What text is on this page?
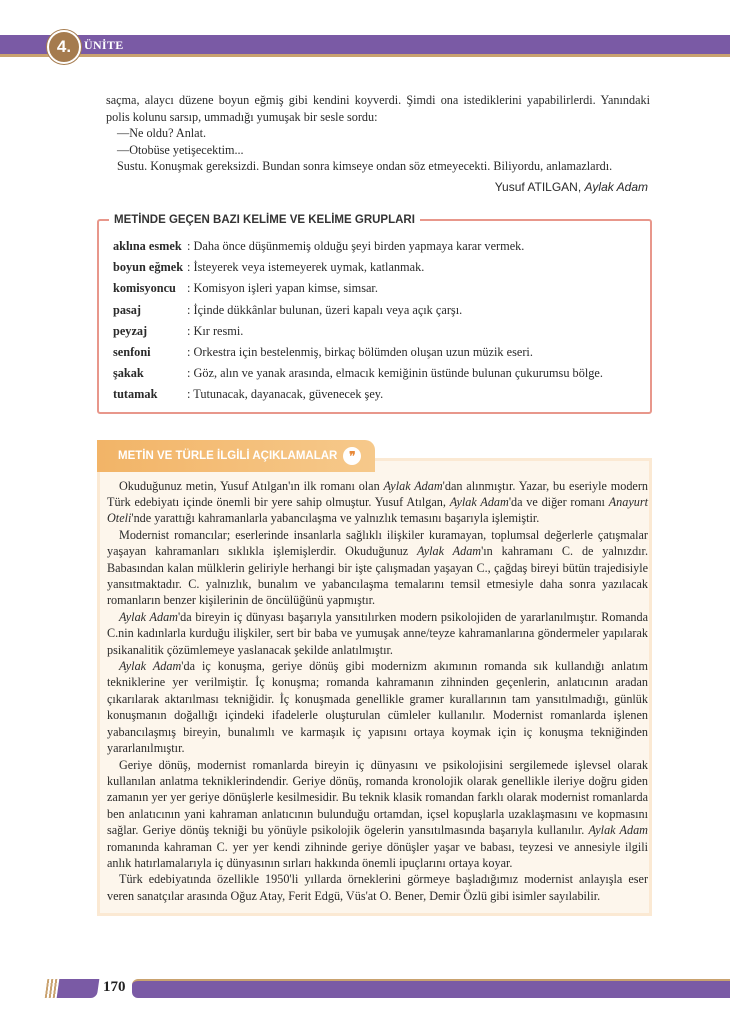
4.	ÜNİTE

saçma, alaycı düzene boyun eğmiş gibi kendini koyverdi. Şimdi ona istediklerini yapabilirlerdi. Yanındaki polis kolunu sarsıp, ummadığı yumuşak bir sesle sordu:

—Ne oldu? Anlat.

—Otobüse yetişecektim...

Sustu. Konuşmak gereksizdi. Bundan sonra kimseye ondan söz etmeyecekti. Biliyordu, anlamazlardı.

Yusuf ATILGAN, Aylak Adam
METİNDE GEÇEN BAZI KELİME VE KELİME GRUPLARI
aklına esmek : Daha önce düşünmemiş olduğu şeyi birden yapmaya karar vermek.
boyun eğmek : İsteyerek veya istemeyerek uymak, katlanmak.
komisyoncu : Komisyon işleri yapan kimse, simsar.
pasaj	: İçinde dükkânlar bulunan, üzeri kapalı veya açık çarşı.
peyzaj	: Kır resmi.
senfoni	: Orkestra için bestelenmiş, birkaç bölümden oluşan uzun müzik eseri.
şakak	: Göz, alın ve yanak arasında, elmacık kemiğinin üstünde bulunan çukurumsu bölge.
tutamak	: Tutunacak, dayanacak, güvenecek şey.
METİN VE TÜRLE İLGİLİ AÇIKLAMALAR ❞

Okuduğunuz metin, Yusuf Atılgan'ın ilk romanı olan Aylak Adam'dan alınmıştır. Yazar, bu eseriyle modern Türk edebiyatı içinde önemli bir yere sahip olmuştur. Yusuf Atılgan, Aylak Adam'da ve diğer romanı Anayurt Oteli'nde yarattığı kahramanlarla yabancılaşma ve yalnızlık temasını başarıyla işlemiştir.

Modernist romancılar; eserlerinde insanlarla sağlıklı ilişkiler kuramayan, toplumsal değerlerle çatışmalar yaşayan kahramanları sıklıkla işlemişlerdir. Okuduğunuz Aylak Adam'ın kahramanı C. de yalnızdır. Babasından kalan mülklerin geliriyle herhangi bir işte çalışmadan yaşayan C., çağdaş bireyi bütün trajedisiyle yansıtmaktadır. C. yalnızlık, bunalım ve yabancılaşma temalarını temsil etmesiyle daha sonra yazılacak romanların benzer kişilerinin de öncülüğünü yapmıştır.

Aylak Adam'da bireyin iç dünyası başarıyla yansıtılırken modern psikolojiden de yararlanılmıştır. Romanda C.nin kadınlarla kurduğu ilişkiler, sert bir baba ve yumuşak anne/teyze kahramanlarına göndermeler yapılarak psikanalitik çözümlemeye yaslanacak şekilde anlatılmıştır.

Aylak Adam'da iç konuşma, geriye dönüş gibi modernizm akımının romanda sık kullandığı anlatım tekniklerine yer verilmiştir. İç konuşma; romanda kahramanın zihninden geçenlerin, anlatıcının aradan çıkarılarak aktarılması tekniğidir. İç konuşmada genellikle gramer kurallarının tam yansıtılmadığı, günlük konuşmanın doğallığı içindeki ifadelerle oluşturulan cümleler kullanılır. Modernist romanlarda işlenen yabancılaşmış bireyin, bunalımlı ve karmaşık iç yapısını ortaya koymak için iç konuşma tekniğinden yararlanılmıştır.

Geriye dönüş, modernist romanlarda bireyin iç dünyasını ve psikolojisini sergilemede işlevsel olarak kullanılan anlatma tekniklerindendir. Geriye dönüş, romanda kronolojik olarak genellikle ileriye doğru giden zamanın yer yer geriye dönüşlerle kesilmesidir. Bu teknik klasik romandan farklı olarak modernist romanlarda ben anlatıcının yani kahraman anlatıcının bulunduğu ortamdan, içsel kopuşlarla uzaklaşmasını ve kopmasını sağlar. Geriye dönüş tekniği bu yönüyle psikolojik ögelerin yansıtılmasında başarıyla kullanılır. Aylak Adam romanında kahraman C. yer yer kendi zihninde geriye dönüşler yaşar ve babası, teyzesi ve annesiyle ilgili anlık hatırlamalarıyla iç dünyasının sırları hakkında önemli ipuçlarını ortaya koyar.

Türk edebiyatında özellikle 1950'li yıllarda örneklerini görmeye başladığımız modernist anlayışla eser veren sanatçılar arasında Oğuz Atay, Ferit Edgü, Vüs'at O. Bener, Demir Özlü gibi isimler sayılabilir.

170
